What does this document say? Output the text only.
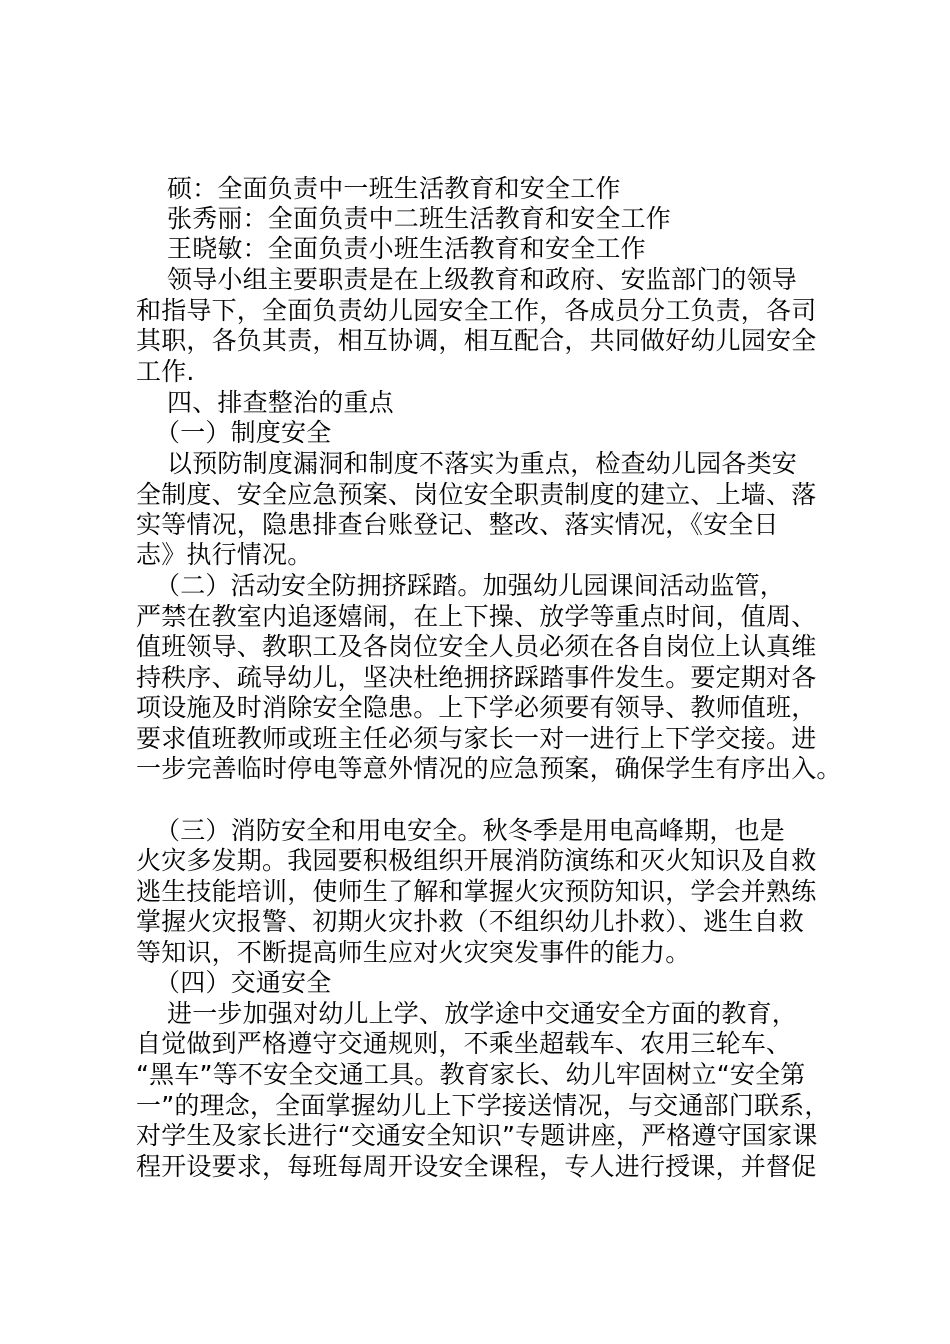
硕：全面负责中一班生活教育和安全工作
张秀丽：全面负责中二班生活教育和安全工作
王晓敏：全面负责小班生活教育和安全工作
领导小组主要职责是在上级教育和政府、安监部门的领导
和指导下，全面负责幼儿园安全工作，各成员分工负责，各司
其职，各负其责，相互协调，相互配合，共同做好幼儿园安全
工作.
四、排查整治的重点
（一）制度安全
以预防制度漏洞和制度不落实为重点，检查幼儿园各类安
全制度、安全应急预案、岗位安全职责制度的建立、上墙、落
实等情况，隐患排查台账登记、整改、落实情况，《安全日
志》执行情况。
（二）活动安全防拥挤踩踏。加强幼儿园课间活动监管，
严禁在教室内追逐嬉闹，在上下操、放学等重点时间，值周、
值班领导、教职工及各岗位安全人员必须在各自岗位上认真维
持秩序、疏导幼儿，坚决杜绝拥挤踩踏事件发生。要定期对各
项设施及时消除安全隐患。上下学必须要有领导、教师值班，
要求值班教师或班主任必须与家长一对一进行上下学交接。进
一步完善临时停电等意外情况的应急预案，确保学生有序出入。
（三）消防安全和用电安全。秋冬季是用电高峰期，也是
火灾多发期。我园要积极组织开展消防演练和灭火知识及自救
逃生技能培训，使师生了解和掌握火灾预防知识，学会并熟练
掌握火灾报警、初期火灾扑救（不组织幼儿扑救）、逃生自救
等知识，不断提高师生应对火灾突发事件的能力。
（四）交通安全
进一步加强对幼儿上学、放学途中交通安全方面的教育，
自觉做到严格遵守交通规则，不乘坐超载车、农用三轮车、
“黑车”等不安全交通工具。教育家长、幼儿牢固树立“安全第
一”的理念，全面掌握幼儿上下学接送情况，与交通部门联系，
对学生及家长进行“交通安全知识”专题讲座，严格遵守国家课
程开设要求，每班每周开设安全课程，专人进行授课，并督促
